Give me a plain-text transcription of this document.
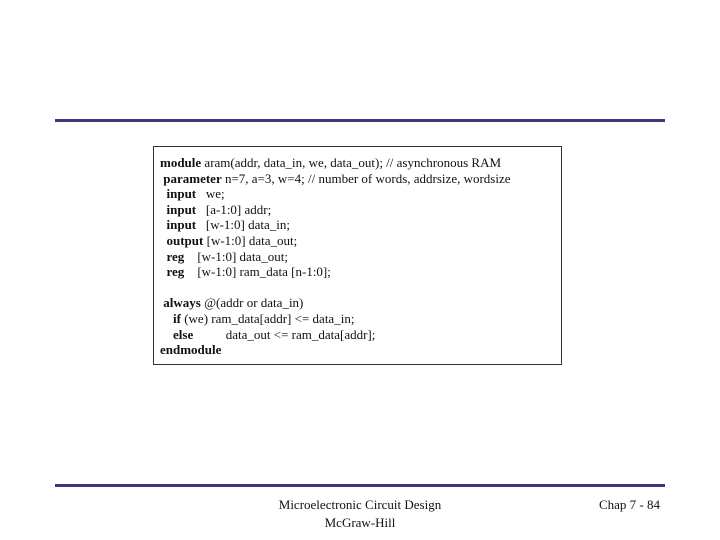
module aram(addr, data_in, we, data_out); // asynchronous RAM
parameter n=7, a=3, w=4; // number of words, addrsize, wordsize
input   we;
input   [a-1:0] addr;
input   [w-1:0] data_in;
output [w-1:0] data_out;
reg    [w-1:0] data_out;
reg    [w-1:0] ram_data [n-1:0];
always @(addr or data_in)
if (we) ram_data[addr] <= data_in;
else          data_out <= ram_data[addr];
endmodule
Microelectronic Circuit Design
McGraw-Hill
Chap 7 - 84
